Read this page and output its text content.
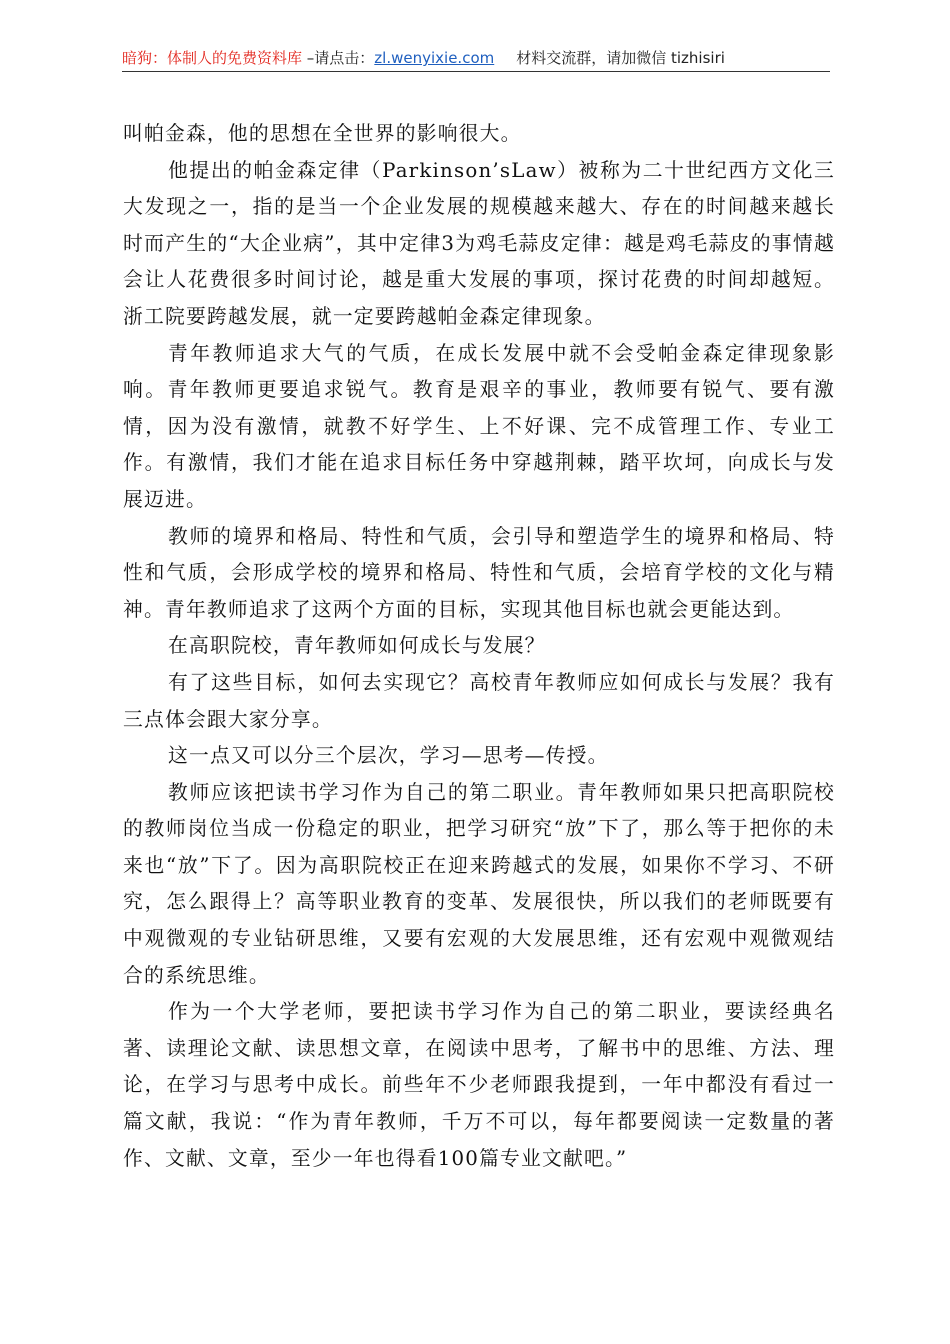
暗狗：体制人的免费资料库 –请点击：zl.wenyixie.com 材料交流群，请加微信 tizhisiri

叫帕金森，他的思想在全世界的影响很大。

他提出的帕金森定律（Parkinson’sLaw）被称为二十世纪西方文化三大发现之一，指的是当一个企业发展的规模越来越大、存在的时间越来越长时而产生的“大企业病”，其中定律3为鸡毛蒜皮定律：越是鸡毛蒜皮的事情越会让人花费很多时间讨论，越是重大发展的事项，探讨花费的时间却越短。浙工院要跨越发展，就一定要跨越帕金森定律现象。

青年教师追求大气的气质，在成长发展中就不会受帕金森定律现象影响。青年教师更要追求锐气。教育是艰辛的事业，教师要有锐气、要有激情，因为没有激情，就教不好学生、上不好课、完不成管理工作、专业工作。有激情，我们才能在追求目标任务中穿越荆棘，踏平坎坷，向成长与发展迈进。

教师的境界和格局、特性和气质，会引导和塑造学生的境界和格局、特性和气质，会形成学校的境界和格局、特性和气质，会培育学校的文化与精神。青年教师追求了这两个方面的目标，实现其他目标也就会更能达到。

在高职院校，青年教师如何成长与发展？

有了这些目标，如何去实现它？高校青年教师应如何成长与发展？我有三点体会跟大家分享。

这一点又可以分三个层次，学习—思考—传授。

教师应该把读书学习作为自己的第二职业。青年教师如果只把高职院校的教师岗位当成一份稳定的职业，把学习研究“放”下了，那么等于把你的未来也“放”下了。因为高职院校正在迎来跨越式的发展，如果你不学习、不研究，怎么跟得上？高等职业教育的变革、发展很快，所以我们的老师既要有中观微观的专业钻研思维，又要有宏观的大发展思维，还有宏观中观微观结合的系统思维。

作为一个大学老师，要把读书学习作为自己的第二职业，要读经典名著、读理论文献、读思想文章，在阅读中思考，了解书中的思维、方法、理论，在学习与思考中成长。前些年不少老师跟我提到，一年中都没有看过一篇文献，我说：“作为青年教师，千万不可以，每年都要阅读一定数量的著作、文献、文章，至少一年也得看100篇专业文献吧。”
